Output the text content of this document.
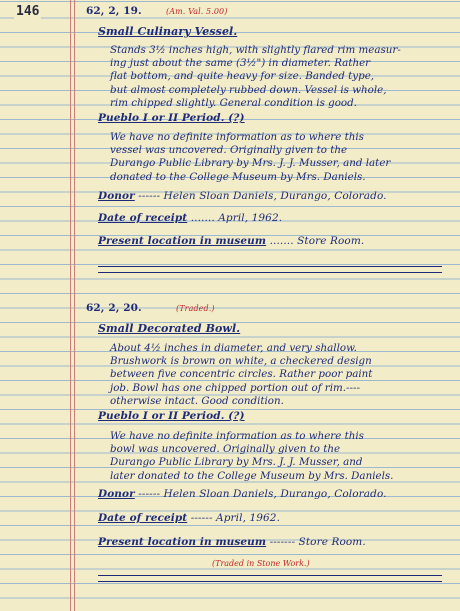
146	62, 2, 19.	(Am. Val. 5.00)
Small Culinary Vessel.
Stands 3½ inches high, with slightly flared rim measur-
ing just about the same (3½") in diameter. Rather
flat bottom, and quite heavy for size. Banded type,
but almost completely rubbed down. Vessel is whole,
rim chipped slightly. General condition is good.
Pueblo I or II Period. (?)
We have no definite information as to where this
vessel was uncovered. Originally given to the
Durango Public Library by Mrs. J. J. Musser, and later
donated to the College Museum by Mrs. Daniels.
Donor ------ Helen Sloan Daniels, Durango, Colorado.
Date of receipt ....... April, 1962.
Present location in museum ....... Store Room.
62, 2, 20.	(Traded.)
Small Decorated Bowl.
About 4½ inches in diameter, and very shallow.
Brushwork is brown on white, a checkered design
between five concentric circles. Rather poor paint
job. Bowl has one chipped portion out of rim.----
otherwise intact. Good condition.
Pueblo I or II Period. (?)
We have no definite information as to where this
bowl was uncovered. Originally given to the
Durango Public Library by Mrs. J. J. Musser, and
later donated to the College Museum by Mrs. Daniels.
Donor ------ Helen Sloan Daniels, Durango, Colorado.
Date of receipt ------ April, 1962.
Present location in museum ------- Store Room.
(Traded in Stone Work.)
